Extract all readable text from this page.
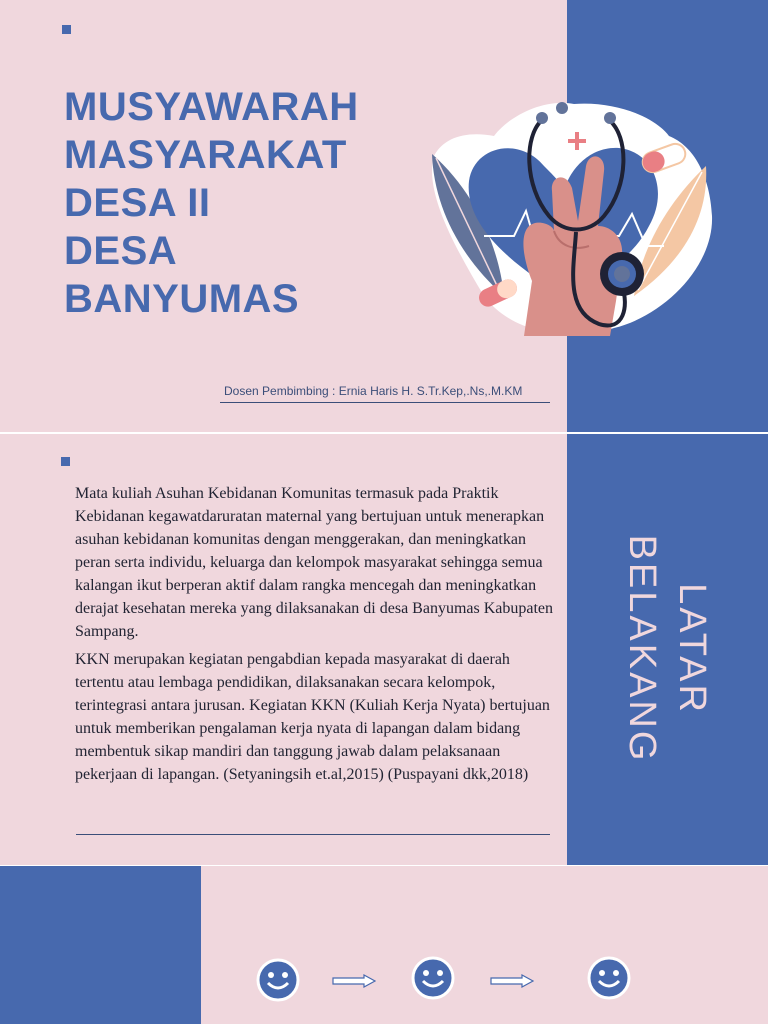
MUSYAWARAH
MASYARAKAT
DESA II
DESA
BANYUMAS
Dosen Pembimbing : Ernia Haris H. S.Tr.Kep,.Ns,.M.KM

Mata kuliah Asuhan Kebidanan Komunitas termasuk pada Praktik Kebidanan kegawatdaruratan maternal yang bertujuan untuk menerapkan asuhan kebidanan komunitas dengan menggerakan, dan meningkatkan peran serta individu, keluarga dan kelompok masyarakat sehingga semua kalangan ikut berperan aktif dalam rangka mencegah dan meningkatkan derajat kesehatan mereka yang dilaksanakan di desa Banyumas Kabupaten Sampang.

KKN merupakan kegiatan pengabdian kepada masyarakat di daerah tertentu atau lembaga pendidikan, dilaksanakan secara kelompok, terintegrasi antara jurusan. Kegiatan KKN (Kuliah Kerja Nyata) bertujuan untuk memberikan pengalaman kerja nyata di lapangan dalam bidang membentuk sikap mandiri dan tanggung jawab dalam pelaksanaan pekerjaan di lapangan. (Setyaningsih et.al,2015) (Puspayani dkk,2018)

LATAR
BELAKANG
